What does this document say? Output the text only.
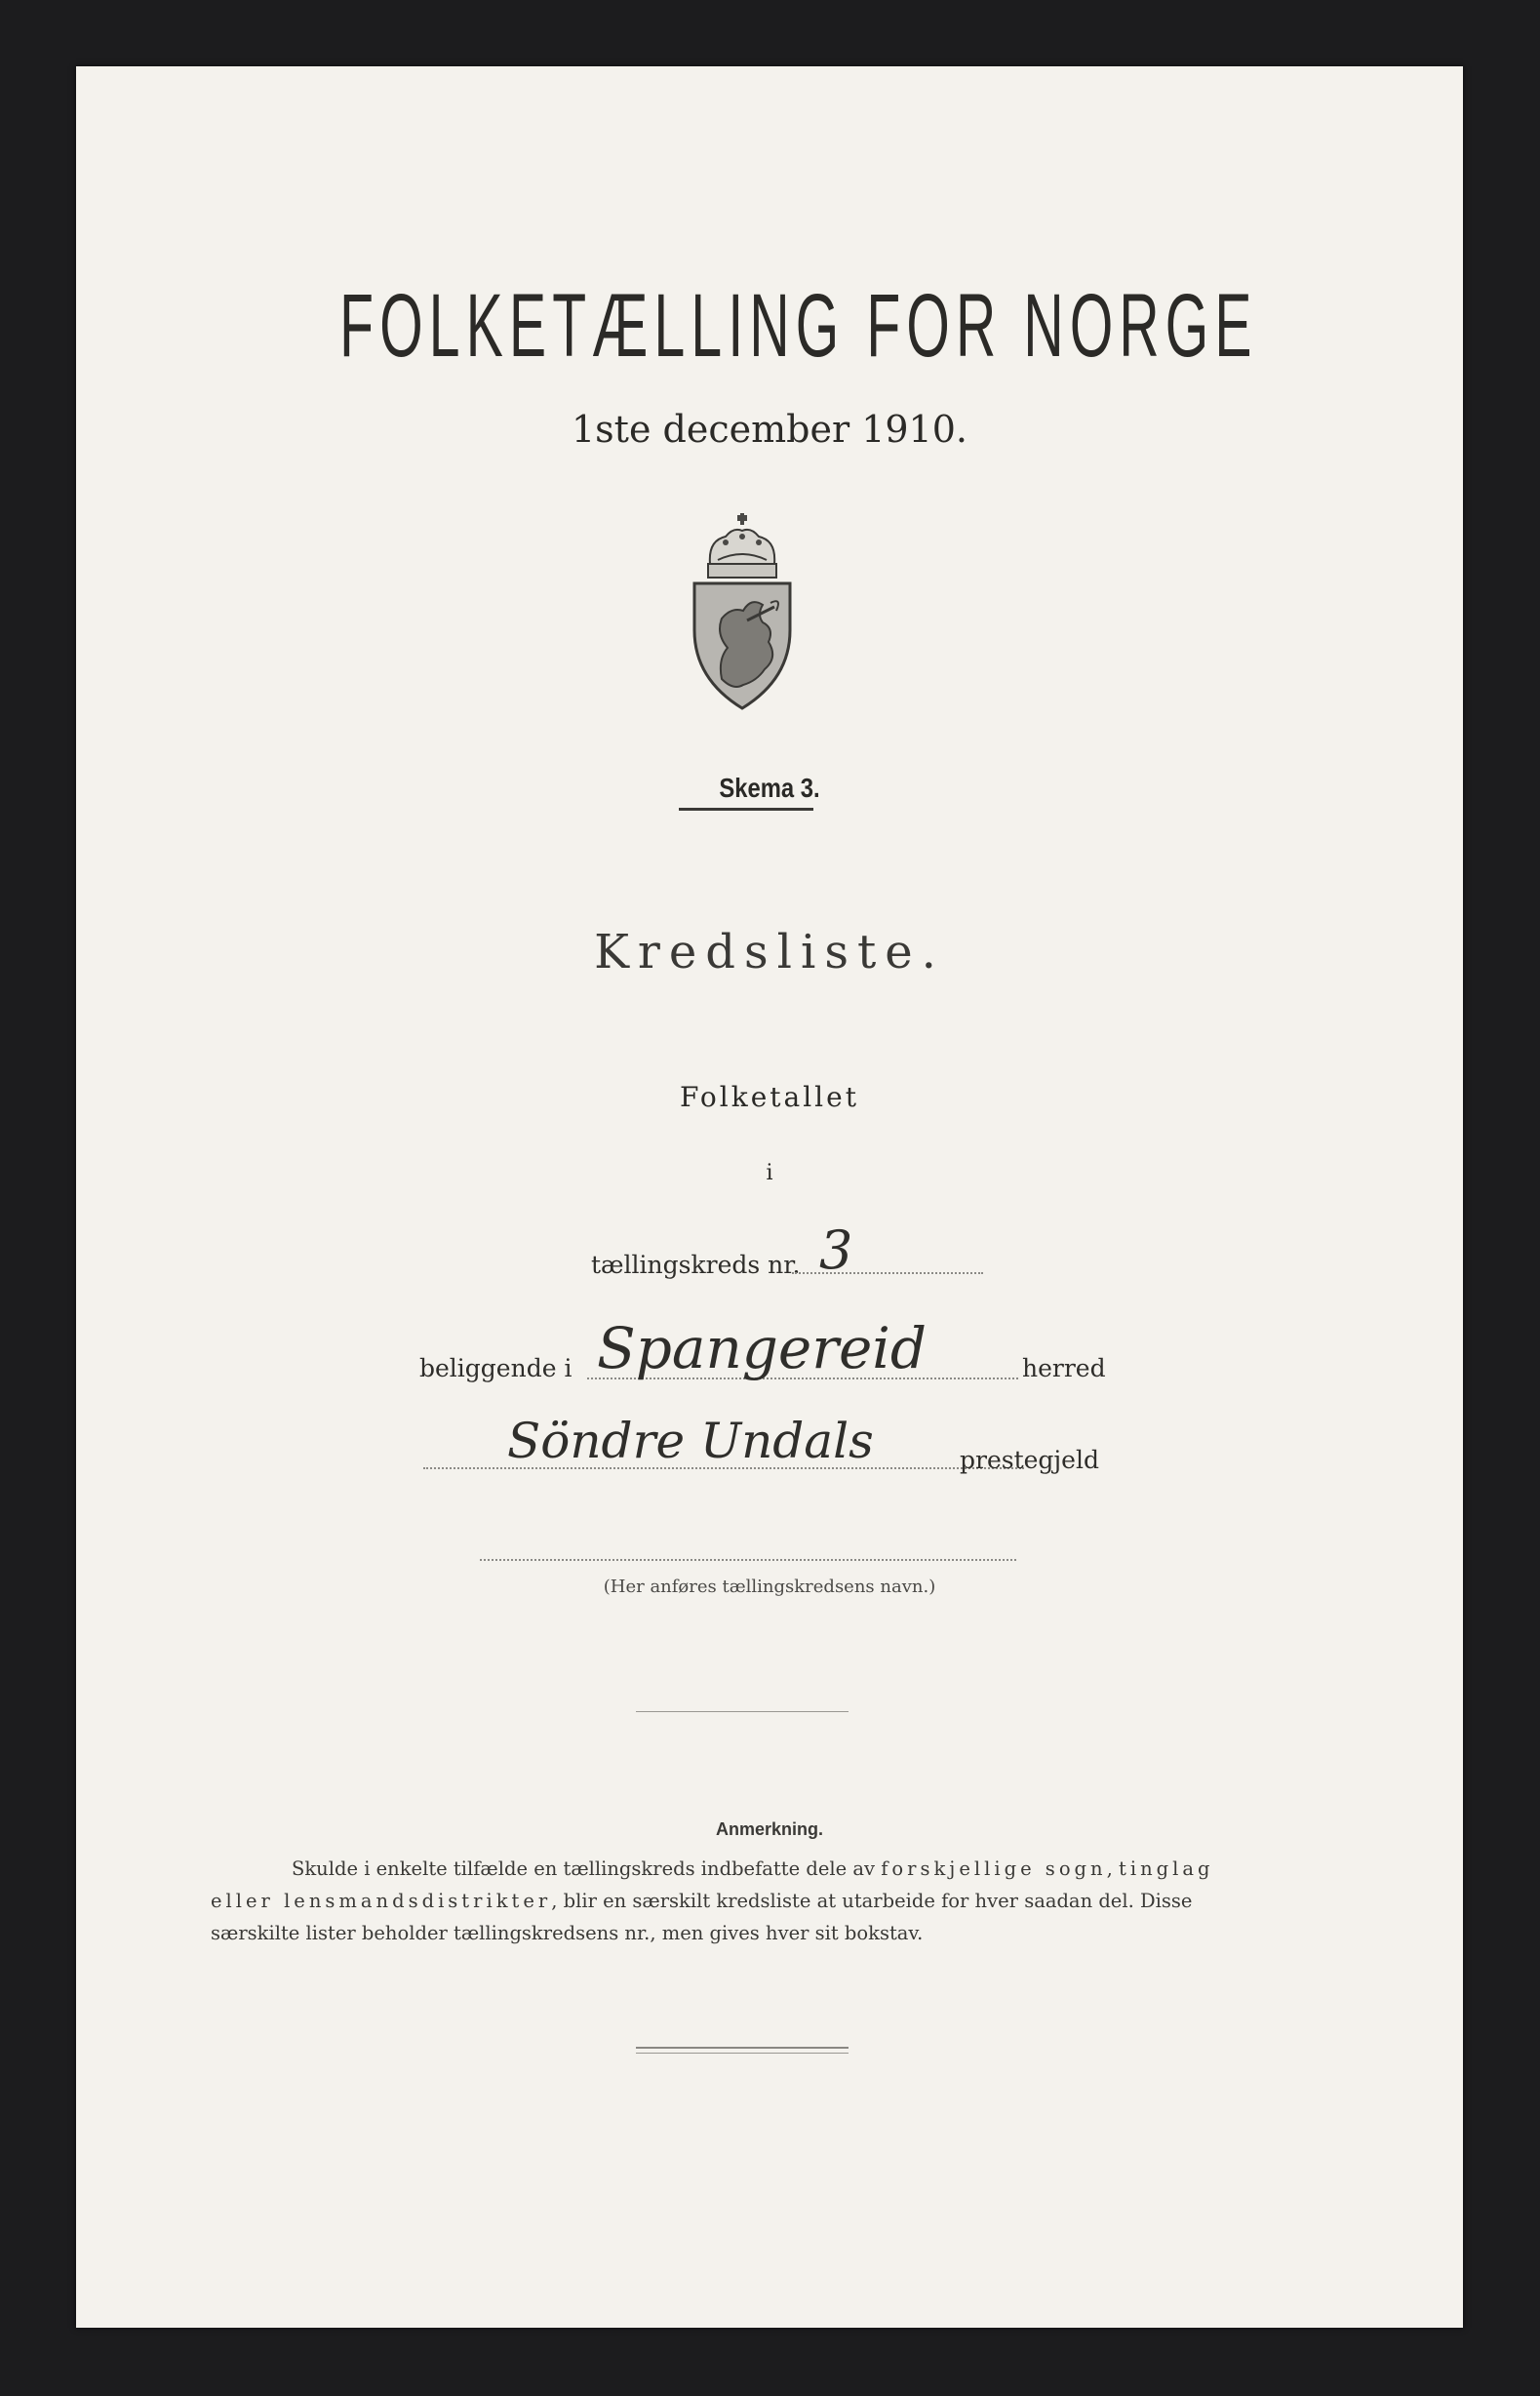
FOLKETÆLLING FOR NORGE
1ste december 1910.
Skema 3.
Kredsliste.
Folketallet
i
tællingskreds nr. 3
beliggende i Spangereid	herred
Söndre Undals	prestegjeld
(Her anføres tællingskredsens navn.)
Anmerkning.
Skulde i enkelte tilfælde en tællingskreds indbefatte dele av forskjellige sogn, tinglag
eller lensmandsdistrikter, blir en særskilt kredsliste at utarbeide for hver saadan del. Disse
særskilte lister beholder tællingskredsens nr., men gives hver sit bokstav.
